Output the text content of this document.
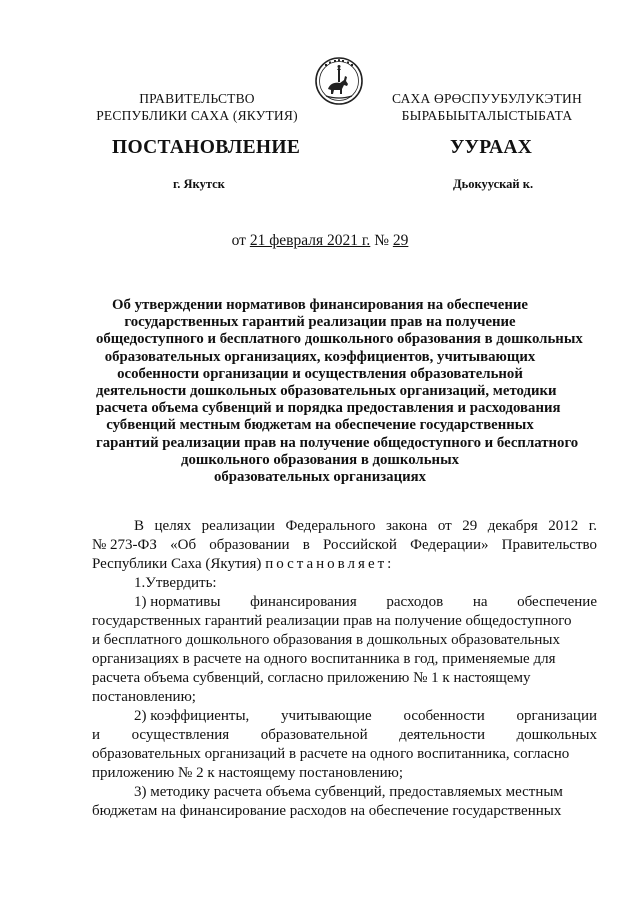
ПРАВИТЕЛЬСТВО
РЕСПУБЛИКИ САХА (ЯКУТИЯ)
САХА ӨРӨСПУУБУЛУКЭТИН
БЫРАБЫЫТАЛЫСТЫБАТА
ПОСТАНОВЛЕНИЕ	УУРААХ
г. Якутск	Дьокуускай к.
от 21 февраля 2021 г. № 29
Об утверждении нормативов финансирования на обеспечение
государственных гарантий реализации прав на получение
общедоступного и бесплатного дошкольного образования в дошкольных
образовательных организациях, коэффициентов, учитывающих
особенности организации и осуществления образовательной
деятельности дошкольных образовательных организаций, методики
расчета объема субвенций и порядка предоставления и расходования
субвенций местным бюджетам на обеспечение государственных
гарантий реализации прав на получение общедоступного и бесплатного
дошкольного образования в дошкольных
образовательных организациях
В целях реализации Федерального закона от 29 декабря 2012 г.
№ 273-ФЗ «Об образовании в Российской Федерации» Правительство
Республики Саха (Якутия) постановляет:
1.Утвердить:
1) нормативы финансирования расходов на обеспечение
государственных гарантий реализации прав на получение общедоступного
и бесплатного дошкольного образования в дошкольных образовательных
организациях в расчете на одного воспитанника в год, применяемые для
расчета объема субвенций, согласно приложению № 1 к настоящему
постановлению;
2) коэффициенты, учитывающие особенности организации
и осуществления образовательной деятельности дошкольных
образовательных организаций в расчете на одного воспитанника, согласно
приложению № 2 к настоящему постановлению;
3) методику расчета объема субвенций, предоставляемых местным
бюджетам на финансирование расходов на обеспечение государственных
